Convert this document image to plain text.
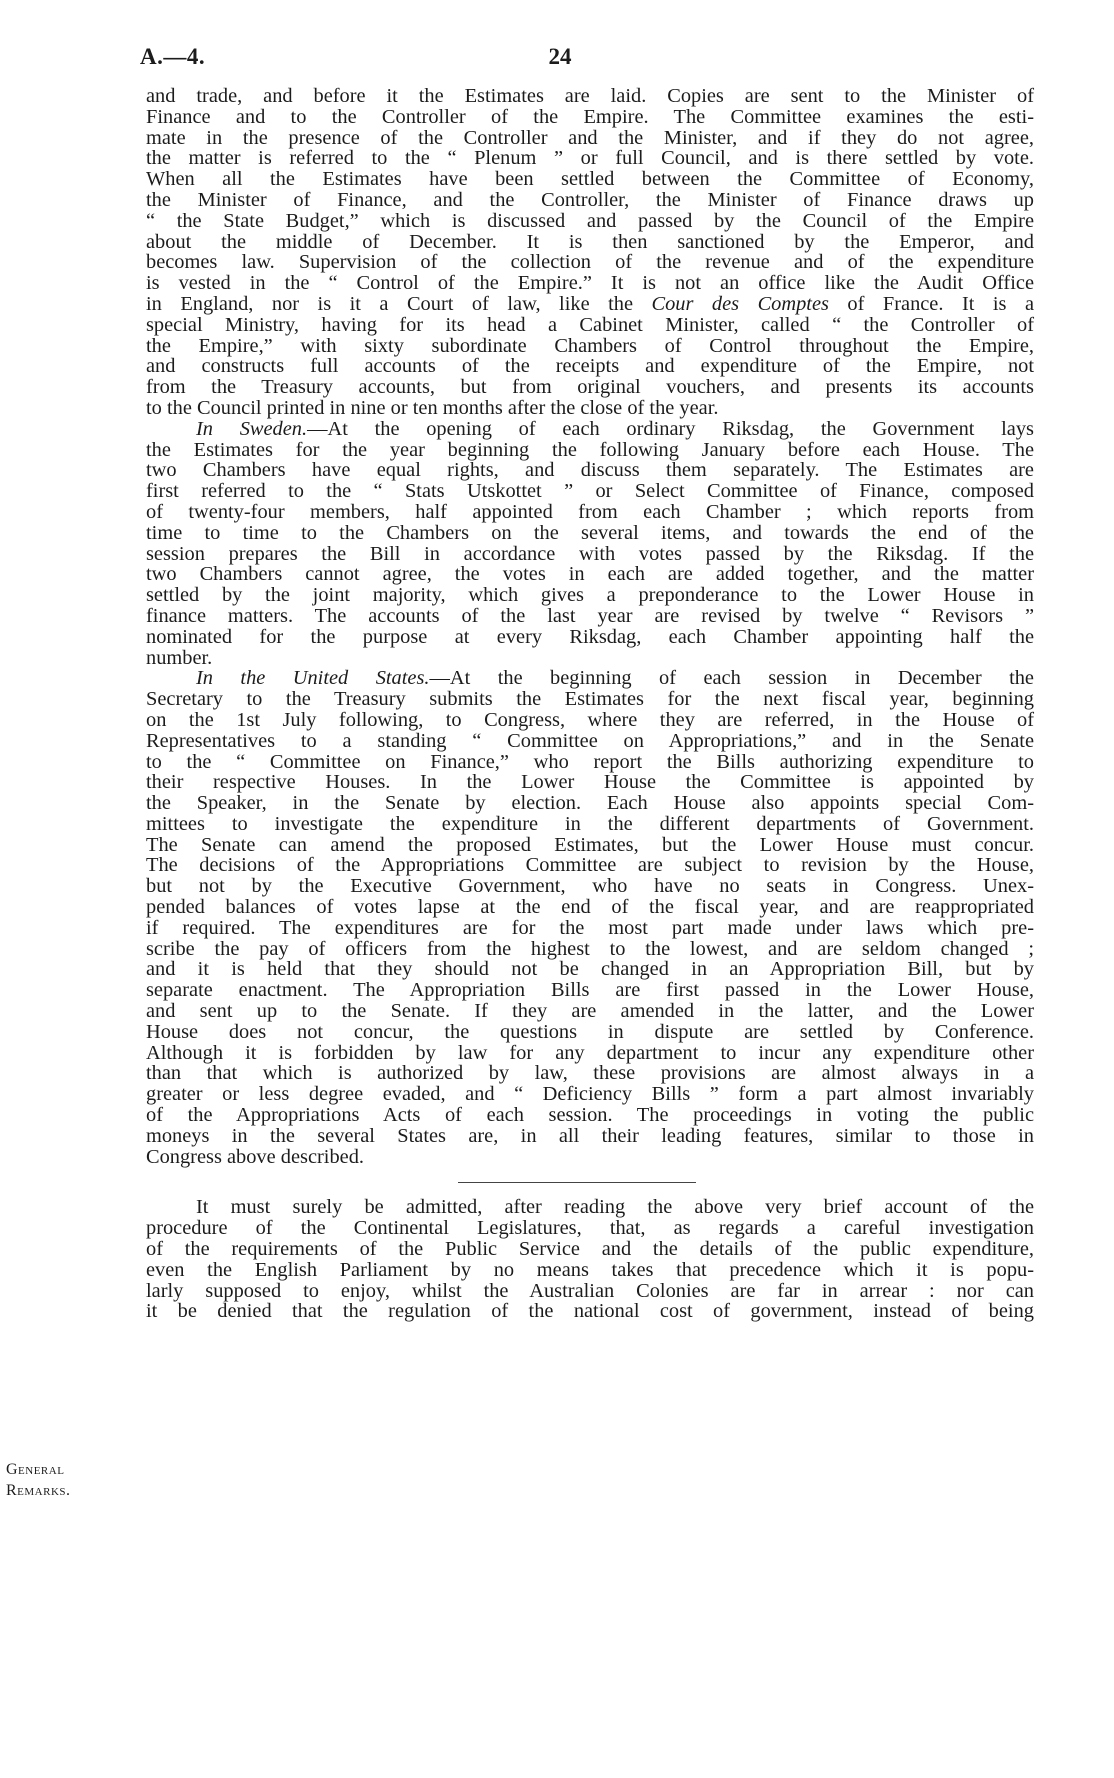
A.—4.	24
General
Remarks.
and trade, and before it the Estimates are laid. Copies are sent to the Minister of
Finance and to the Controller of the Empire. The Committee examines the esti-
mate in the presence of the Controller and the Minister, and if they do not agree,
the matter is referred to the “ Plenum ” or full Council, and is there settled by vote.
When all the Estimates have been settled between the Committee of Economy,
the Minister of Finance, and the Controller, the Minister of Finance draws up
“ the State Budget,” which is discussed and passed by the Council of the Empire
about the middle of December. It is then sanctioned by the Emperor, and
becomes law. Supervision of the collection of the revenue and of the expenditure
is vested in the “ Control of the Empire.” It is not an office like the Audit Office
in England, nor is it a Court of law, like the Cour des Comptes of France. It is a
special Ministry, having for its head a Cabinet Minister, called “ the Controller of
the Empire,” with sixty subordinate Chambers of Control throughout the Empire,
and constructs full accounts of the receipts and expenditure of the Empire, not
from the Treasury accounts, but from original vouchers, and presents its accounts
to the Council printed in nine or ten months after the close of the year.
In Sweden.—At the opening of each ordinary Riksdag, the Government lays
the Estimates for the year beginning the following January before each House. The
two Chambers have equal rights, and discuss them separately. The Estimates are
first referred to the “ Stats Utskottet ” or Select Committee of Finance, composed
of twenty-four members, half appointed from each Chamber ; which reports from
time to time to the Chambers on the several items, and towards the end of the
session prepares the Bill in accordance with votes passed by the Riksdag. If the
two Chambers cannot agree, the votes in each are added together, and the matter
settled by the joint majority, which gives a preponderance to the Lower House in
finance matters. The accounts of the last year are revised by twelve “ Revisors ”
nominated for the purpose at every Riksdag, each Chamber appointing half the
number.
In the United States.—At the beginning of each session in December the
Secretary to the Treasury submits the Estimates for the next fiscal year, beginning
on the 1st July following, to Congress, where they are referred, in the House of
Representatives to a standing “ Committee on Appropriations,” and in the Senate
to the “ Committee on Finance,” who report the Bills authorizing expenditure to
their respective Houses. In the Lower House the Committee is appointed by
the Speaker, in the Senate by election. Each House also appoints special Com-
mittees to investigate the expenditure in the different departments of Government.
The Senate can amend the proposed Estimates, but the Lower House must concur.
The decisions of the Appropriations Committee are subject to revision by the House,
but not by the Executive Government, who have no seats in Congress. Unex-
pended balances of votes lapse at the end of the fiscal year, and are reappropriated
if required. The expenditures are for the most part made under laws which pre-
scribe the pay of officers from the highest to the lowest, and are seldom changed ;
and it is held that they should not be changed in an Appropriation Bill, but by
separate enactment. The Appropriation Bills are first passed in the Lower House,
and sent up to the Senate. If they are amended in the latter, and the Lower
House does not concur, the questions in dispute are settled by Conference.
Although it is forbidden by law for any department to incur any expenditure other
than that which is authorized by law, these provisions are almost always in a
greater or less degree evaded, and “ Deficiency Bills ” form a part almost invariably
of the Appropriations Acts of each session. The proceedings in voting the public
moneys in the several States are, in all their leading features, similar to those in
Congress above described.
It must surely be admitted, after reading the above very brief account of the
procedure of the Continental Legislatures, that, as regards a careful investigation
of the requirements of the Public Service and the details of the public expenditure,
even the English Parliament by no means takes that precedence which it is popu-
larly supposed to enjoy, whilst the Australian Colonies are far in arrear : nor can
it be denied that the regulation of the national cost of government, instead of being
